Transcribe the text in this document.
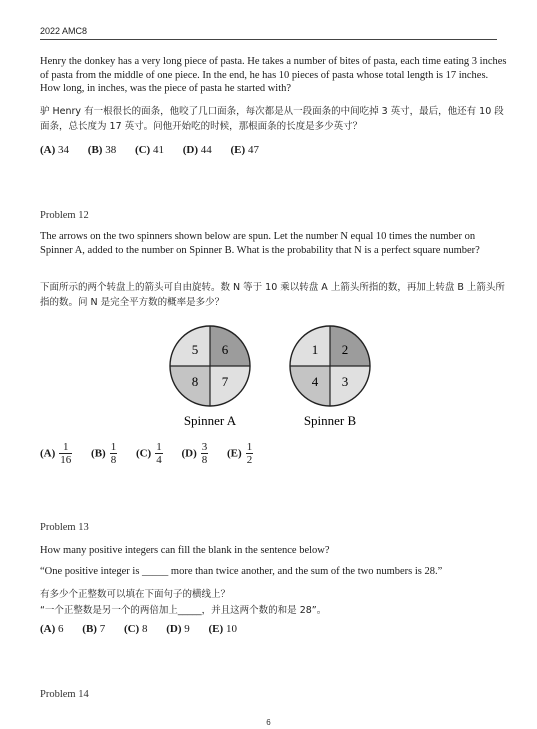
2022 AMC8
Henry the donkey has a very long piece of pasta. He takes a number of bites of pasta, each time eating 3 inches of pasta from the middle of one piece. In the end, he has 10 pieces of pasta whose total length is 17 inches. How long, in inches, was the piece of pasta he started with?
驴 Henry 有一根很长的面条，他咬了几口面条，每次都是从一段面条的中间吃掉 3 英寸，最后，他还有 10 段面条，总长度为 17 英寸。问他开始吃的时候，那根面条的长度是多少英寸？
(A) 34 (B) 38 (C) 41 (D) 44 (E) 47
Problem 12
The arrows on the two spinners shown below are spun. Let the number N equal 10 times the number on Spinner A, added to the number on Spinner B. What is the probability that N is a perfect square number?
下面所示的两个转盘上的箭头可自由旋转。数 N 等于 10 乘以转盘 A 上箭头所指的数，再加上转盘 B 上箭头所指的数。问 N 是完全平方数的概率是多少？
5 6
8 7
Spinner A
1 2
4 3
Spinner B
$(A) \frac{1}{16} (B) \frac{1}{8} (C) \frac{1}{4} (D) \frac{3}{8} (E) \frac{1}{2}$
Problem 13
How many positive integers can fill the blank in the sentence below?
“One positive integer is _____ more than twice another, and the sum of the two numbers is 28.”
有多少个正整数可以填在下面句子的横线上？
“一个正整数是另一个的两倍加上_____，并且这两个数的和是 28”。
(A) 6 (B) 7 (C) 8 (D) 9 (E) 10
Problem 14
6
